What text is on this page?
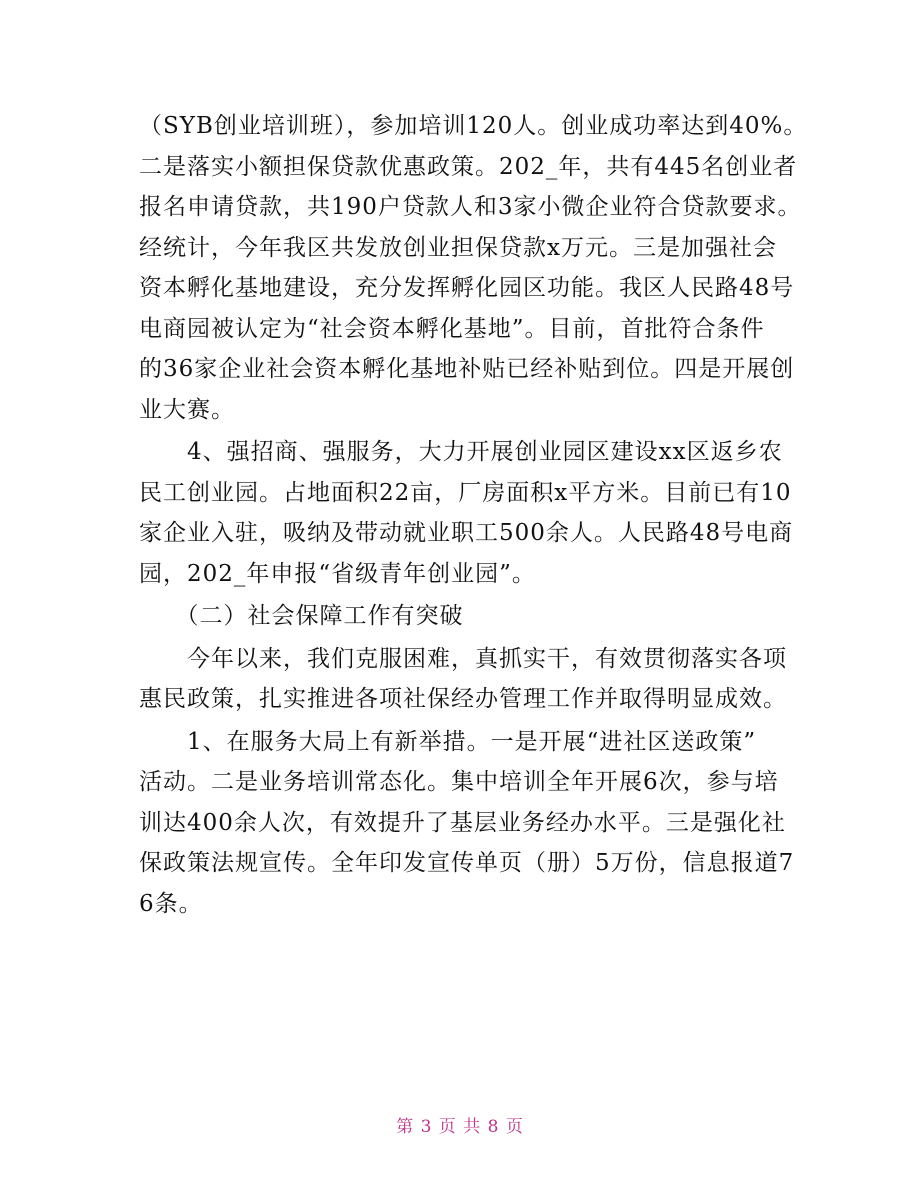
（SYB创业培训班），参加培训120人。创业成功率达到40%。
二是落实小额担保贷款优惠政策。202_年，共有445名创业者
报名申请贷款，共190户贷款人和3家小微企业符合贷款要求。
经统计，今年我区共发放创业担保贷款x万元。三是加强社会
资本孵化基地建设，充分发挥孵化园区功能。我区人民路48号
电商园被认定为“社会资本孵化基地”。目前，首批符合条件
的36家企业社会资本孵化基地补贴已经补贴到位。四是开展创
业大赛。
　　4、强招商、强服务，大力开展创业园区建设xx区返乡农
民工创业园。占地面积22亩，厂房面积x平方米。目前已有10
家企业入驻，吸纳及带动就业职工500余人。人民路48号电商
园，202_年申报“省级青年创业园”。
　　（二）社会保障工作有突破
　　今年以来，我们克服困难，真抓实干，有效贯彻落实各项
惠民政策，扎实推进各项社保经办管理工作并取得明显成效。
　　1、在服务大局上有新举措。一是开展“进社区送政策”
活动。二是业务培训常态化。集中培训全年开展6次，参与培
训达400余人次，有效提升了基层业务经办水平。三是强化社
保政策法规宣传。全年印发宣传单页（册）5万份，信息报道7
6条。
第 3 页 共 8 页
